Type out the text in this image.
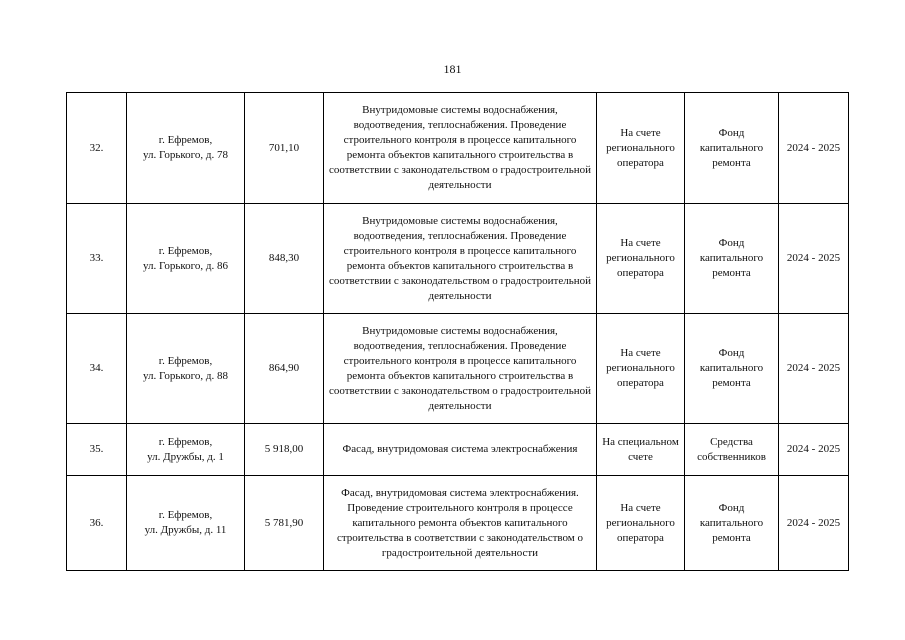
181
32.	г. Ефремов,
ул. Горького, д. 78	701,10	Внутридомовые системы водоснабжения, водоотведения, теплоснабжения. Проведение строительного контроля в процессе капитального ремонта объектов капитального строительства в соответствии с законодательством о градостроительной деятельности	На счете регионального оператора	Фонд капитального ремонта	2024 - 2025
33.	г. Ефремов,
ул. Горького, д. 86	848,30	Внутридомовые системы водоснабжения, водоотведения, теплоснабжения. Проведение строительного контроля в процессе капитального ремонта объектов капитального строительства в соответствии с законодательством о градостроительной деятельности	На счете регионального оператора	Фонд капитального ремонта	2024 - 2025
34.	г. Ефремов,
ул. Горького, д. 88	864,90	Внутридомовые системы водоснабжения, водоотведения, теплоснабжения. Проведение строительного контроля в процессе капитального ремонта объектов капитального строительства в соответствии с законодательством о градостроительной деятельности	На счете регионального оператора	Фонд капитального ремонта	2024 - 2025
35.	г. Ефремов,
ул. Дружбы, д. 1	5 918,00	Фасад, внутридомовая система электроснабжения	На специальном счете	Средства собственников	2024 - 2025
36.	г. Ефремов,
ул. Дружбы, д. 11	5 781,90	Фасад, внутридомовая система электроснабжения. Проведение строительного контроля в процессе капитального ремонта объектов капитального строительства в соответствии с законодательством о градостроительной деятельности	На счете регионального оператора	Фонд капитального ремонта	2024 - 2025
